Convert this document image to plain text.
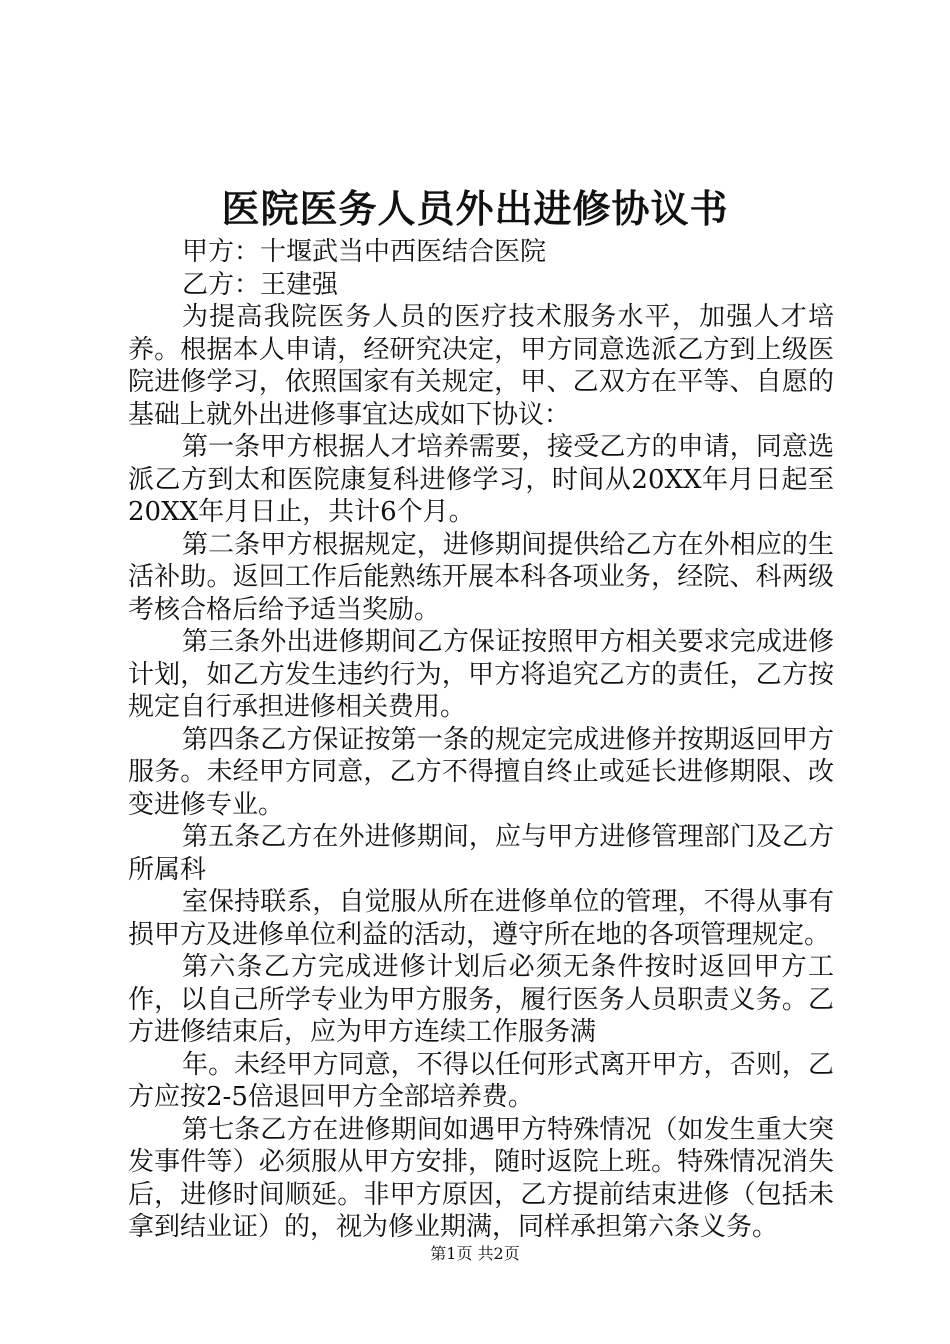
医院医务人员外出进修协议书

甲方：十堰武当中西医结合医院

乙方：王建强

为提高我院医务人员的医疗技术服务水平，加强人才培养。根据本人申请，经研究决定，甲方同意选派乙方到上级医院进修学习，依照国家有关规定，甲、乙双方在平等、自愿的基础上就外出进修事宜达成如下协议：

第一条甲方根据人才培养需要，接受乙方的申请，同意选派乙方到太和医院康复科进修学习，时间从20XX年月日起至20XX年月日止，共计6个月。

第二条甲方根据规定，进修期间提供给乙方在外相应的生活补助。返回工作后能熟练开展本科各项业务，经院、科两级考核合格后给予适当奖励。

第三条外出进修期间乙方保证按照甲方相关要求完成进修计划，如乙方发生违约行为，甲方将追究乙方的责任，乙方按规定自行承担进修相关费用。

第四条乙方保证按第一条的规定完成进修并按期返回甲方服务。未经甲方同意，乙方不得擅自终止或延长进修期限、改变进修专业。

第五条乙方在外进修期间，应与甲方进修管理部门及乙方所属科

室保持联系，自觉服从所在进修单位的管理，不得从事有损甲方及进修单位利益的活动，遵守所在地的各项管理规定。

第六条乙方完成进修计划后必须无条件按时返回甲方工作，以自己所学专业为甲方服务，履行医务人员职责义务。乙方进修结束后，应为甲方连续工作服务满

年。未经甲方同意，不得以任何形式离开甲方，否则，乙方应按2-5倍退回甲方全部培养费。

第七条乙方在进修期间如遇甲方特殊情况（如发生重大突发事件等）必须服从甲方安排，随时返院上班。特殊情况消失后，进修时间顺延。非甲方原因，乙方提前结束进修（包括未拿到结业证）的，视为修业期满，同样承担第六条义务。

第1页 共2页
